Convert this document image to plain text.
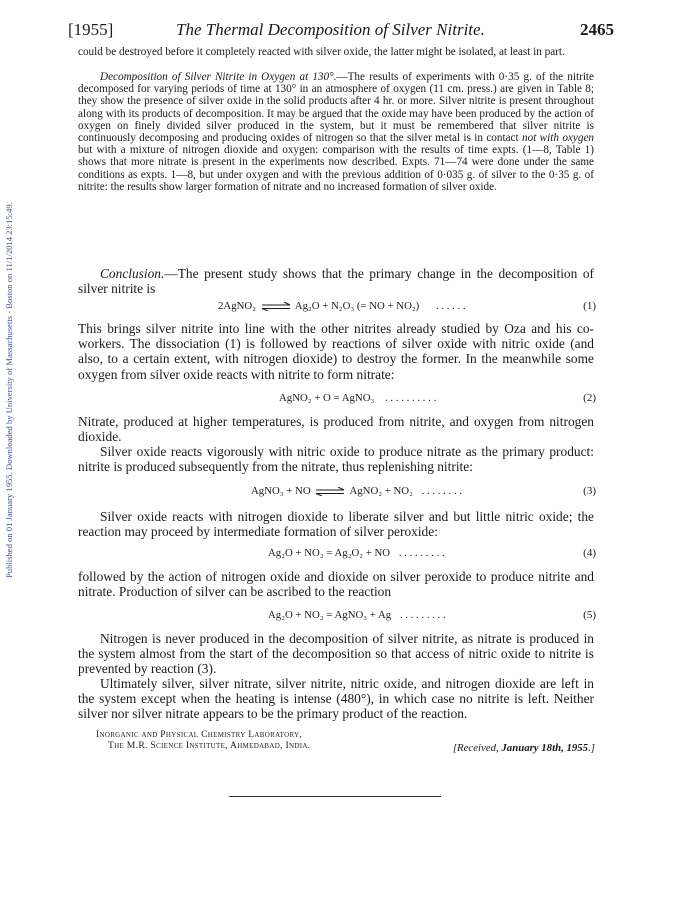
Published on 01 January 1955. Downloaded by University of Massachusetts - Boston on 11/1/2014 23:15:49.
[1955]	The Thermal Decomposition of Silver Nitrite.	2465
could be destroyed before it completely reacted with silver oxide, the latter might be isolated, at least in part.
Decomposition of Silver Nitrite in Oxygen at 130°.—The results of experiments with 0·35 g. of the nitrite decomposed for varying periods of time at 130° in an atmosphere of oxygen (11 cm. press.) are given in Table 8; they show the presence of silver oxide in the solid products after 4 hr. or more. Silver nitrite is present throughout along with its products of decomposition. It may be argued that the oxide may have been produced by the action of oxygen on finely divided silver produced in the system, but it must be remembered that silver nitrite is continuously decomposing and producing oxides of nitrogen so that the silver metal is in contact not with oxygen but with a mixture of nitrogen dioxide and oxygen: comparison with the results of time expts. (1—8, Table 1) shows that more nitrate is present in the experiments now described. Expts. 71—74 were done under the same conditions as expts. 1—8, but under oxygen and with the previous addition of 0·035 g. of silver to the 0·35 g. of nitrite: the results show larger formation of nitrate and no increased formation of silver oxide.
Conclusion.—The present study shows that the primary change in the decomposition of silver nitrite is
2AgNO₂ ⇌ Ag₂O + N₂O₃ (= NO + NO₂) . . . . . .	(1)
This brings silver nitrite into line with the other nitrites already studied by Oza and his co-workers. The dissociation (1) is followed by reactions of silver oxide with nitric oxide (and also, to a certain extent, with nitrogen dioxide) to destroy the former. In the meanwhile some oxygen from silver oxide reacts with nitrite to form nitrate:
AgNO₂ + O = AgNO₃ . . . . . . . . . .	(2)
Nitrate, produced at higher temperatures, is produced from nitrite, and oxygen from nitrogen dioxide.
Silver oxide reacts vigorously with nitric oxide to produce nitrate as the primary product: nitrite is produced subsequently from the nitrate, thus replenishing nitrite:
AgNO₃ + NO ⇌ AgNO₂ + NO₂ . . . . . . . .	(3)
Silver oxide reacts with nitrogen dioxide to liberate silver and but little nitric oxide; the reaction may proceed by intermediate formation of silver peroxide:
Ag₂O + NO₂ = Ag₂O₂ + NO . . . . . . . . .	(4)
followed by the action of nitrogen oxide and dioxide on silver peroxide to produce nitrite and nitrate. Production of silver can be ascribed to the reaction
Ag₂O + NO₂ = AgNO₃ + Ag . . . . . . . . .	(5)
Nitrogen is never produced in the decomposition of silver nitrite, as nitrate is produced in the system almost from the start of the decomposition so that access of nitric oxide to nitrite is prevented by reaction (3).
Ultimately silver, silver nitrate, silver nitrite, nitric oxide, and nitrogen dioxide are left in the system except when the heating is intense (480°), in which case no nitrite is left. Neither silver nor silver nitrate appears to be the primary product of the reaction.
Inorganic and Physical Chemistry Laboratory,
The M.R. Science Institute, Ahmedabad, India.	[Received, January 18th, 1955.]
